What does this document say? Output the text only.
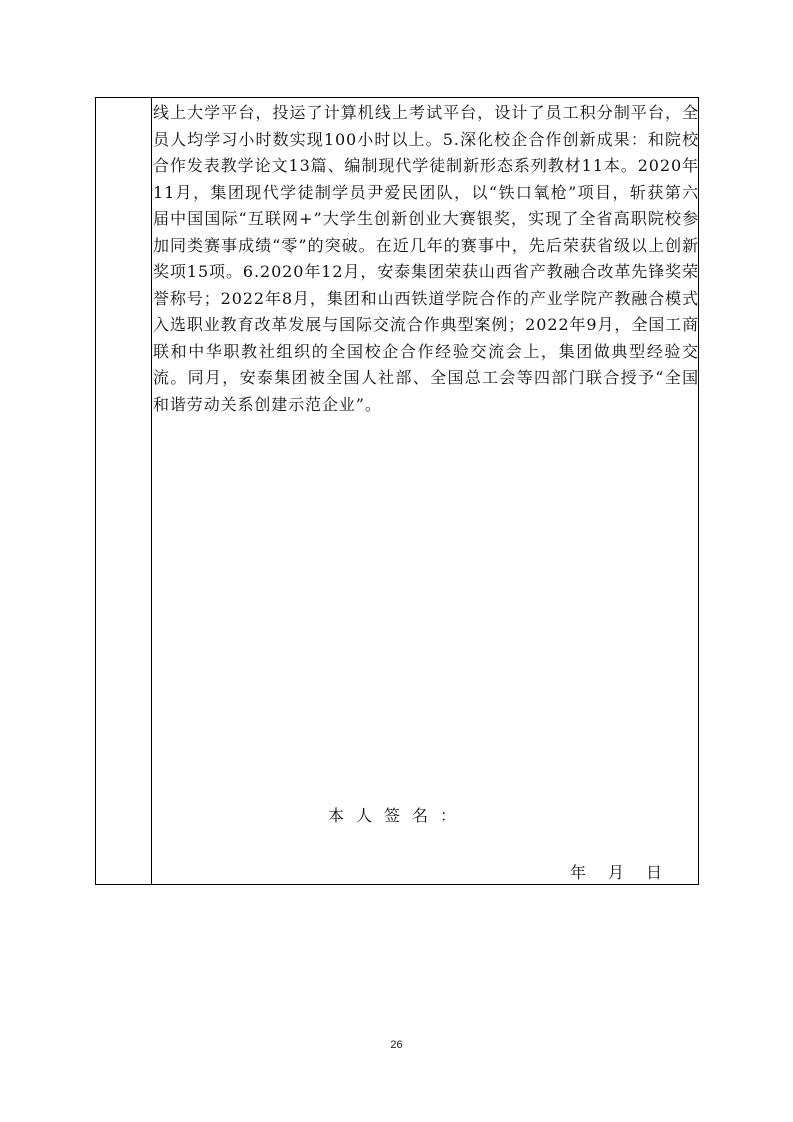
线上大学平台，投运了计算机线上考试平台，设计了员工积分制平台，全员人均学习小时数实现100小时以上。5.深化校企合作创新成果：和院校合作发表教学论文13篇、编制现代学徒制新形态系列教材11本。2020年11月，集团现代学徒制学员尹爱民团队，以“铁口氧枪”项目，斩获第六届中国国际“互联网+”大学生创新创业大赛银奖，实现了全省高职院校参加同类赛事成绩“零”的突破。在近几年的赛事中，先后荣获省级以上创新奖项15项。6.2020年12月，安泰集团荣获山西省产教融合改革先锋奖荣誉称号；2022年8月，集团和山西铁道学院合作的产业学院产教融合模式入选职业教育改革发展与国际交流合作典型案例；2022年9月，全国工商联和中华职教社组织的全国校企合作经验交流会上，集团做典型经验交流。同月，安泰集团被全国人社部、全国总工会等四部门联合授予“全国和谐劳动关系创建示范企业”。
本人签名：
年 月 日
26
